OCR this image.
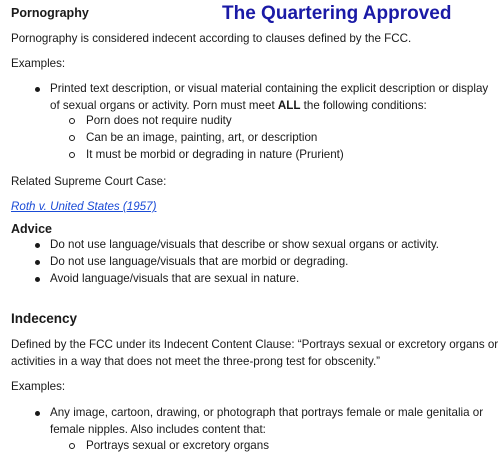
The Quartering Approved
Pornography
Pornography is considered indecent according to clauses defined by the FCC.
Examples:
Printed text description, or visual material containing the explicit description or display
of sexual organs or activity. Porn must meet ALL the following conditions:
Porn does not require nudity
Can be an image, painting, art, or description
It must be morbid or degrading in nature (Prurient)
Related Supreme Court Case:
Roth v. United States (1957)
Advice
Do not use language/visuals that describe or show sexual organs or activity.
Do not use language/visuals that are morbid or degrading.
Avoid language/visuals that are sexual in nature.
Indecency
Defined by the FCC under its Indecent Content Clause: “Portrays sexual or excretory organs or
activities in a way that does not meet the three-prong test for obscenity.”
Examples:
Any image, cartoon, drawing, or photograph that portrays female or male genitalia or
female nipples. Also includes content that:
Portrays sexual or excretory organs
